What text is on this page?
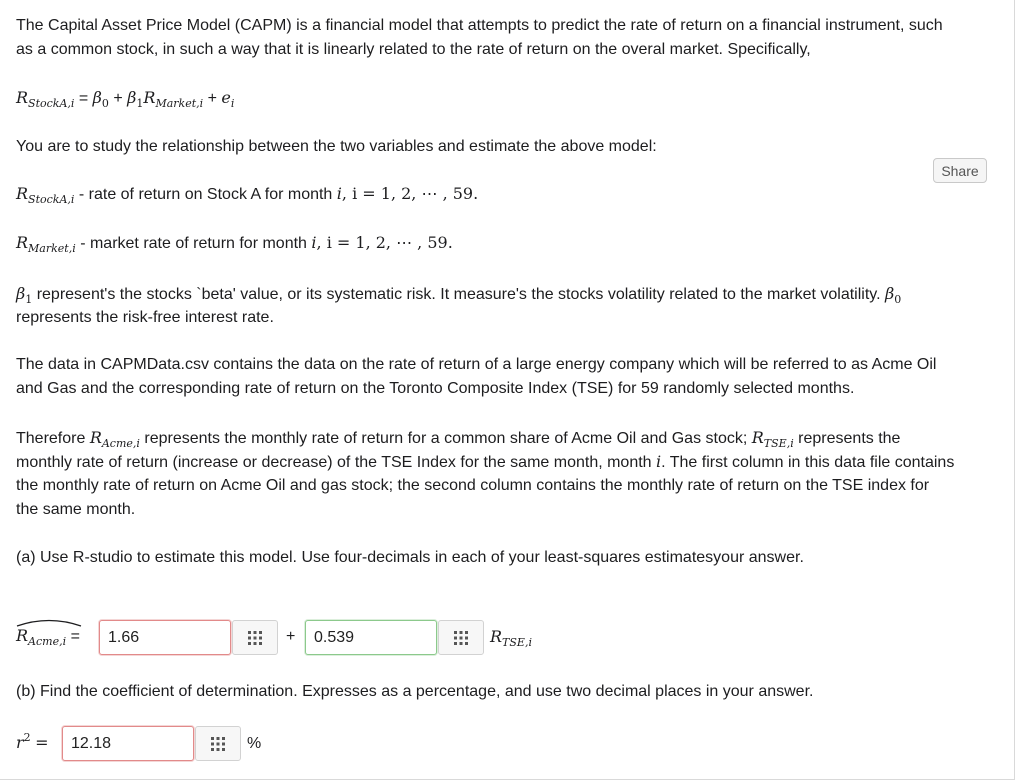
The Capital Asset Price Model (CAPM) is a financial model that attempts to predict the rate of return on a financial instrument, such
as a common stock, in such a way that it is linearly related to the rate of return on the overal market. Specifically,
$R_{StockA,i} = \beta_0 + \beta_1R_{Market,i} + e_i$
You are to study the relationship between the two variables and estimate the above model:
Share
$R_{StockA,i}$ - rate of return on Stock A for month i, i = 1, 2, ⋯ , 59.
$R_{Market,i}$ - market rate of return for month i, i = 1, 2, ⋯ , 59.
$\beta_1$ represent's the stocks `beta' value, or its systematic risk. It measure's the stocks volatility related to the market volatility. $\beta_0$
represents the risk-free interest rate.
The data in CAPMData.csv contains the data on the rate of return of a large energy company which will be referred to as Acme Oil
and Gas and the corresponding rate of return on the Toronto Composite Index (TSE) for 59 randomly selected months.
Therefore $R_{Acme,i}$ represents the monthly rate of return for a common share of Acme Oil and Gas stock; $R_{TSE,i}$ represents the
monthly rate of return (increase or decrease) of the TSE Index for the same month, month i. The first column in this data file contains
the monthly rate of return on Acme Oil and gas stock; the second column contains the monthly rate of return on the TSE index for
the same month.
(a) Use R-studio to estimate this model. Use four-decimals in each of your least-squares estimatesyour answer.
$R_{Acme,i}$ =
1.66	+
0.539	$R_{TSE,i}$
(b) Find the coefficient of determination. Expresses as a percentage, and use two decimal places in your answer.
$r^2$ =
12.18	%
